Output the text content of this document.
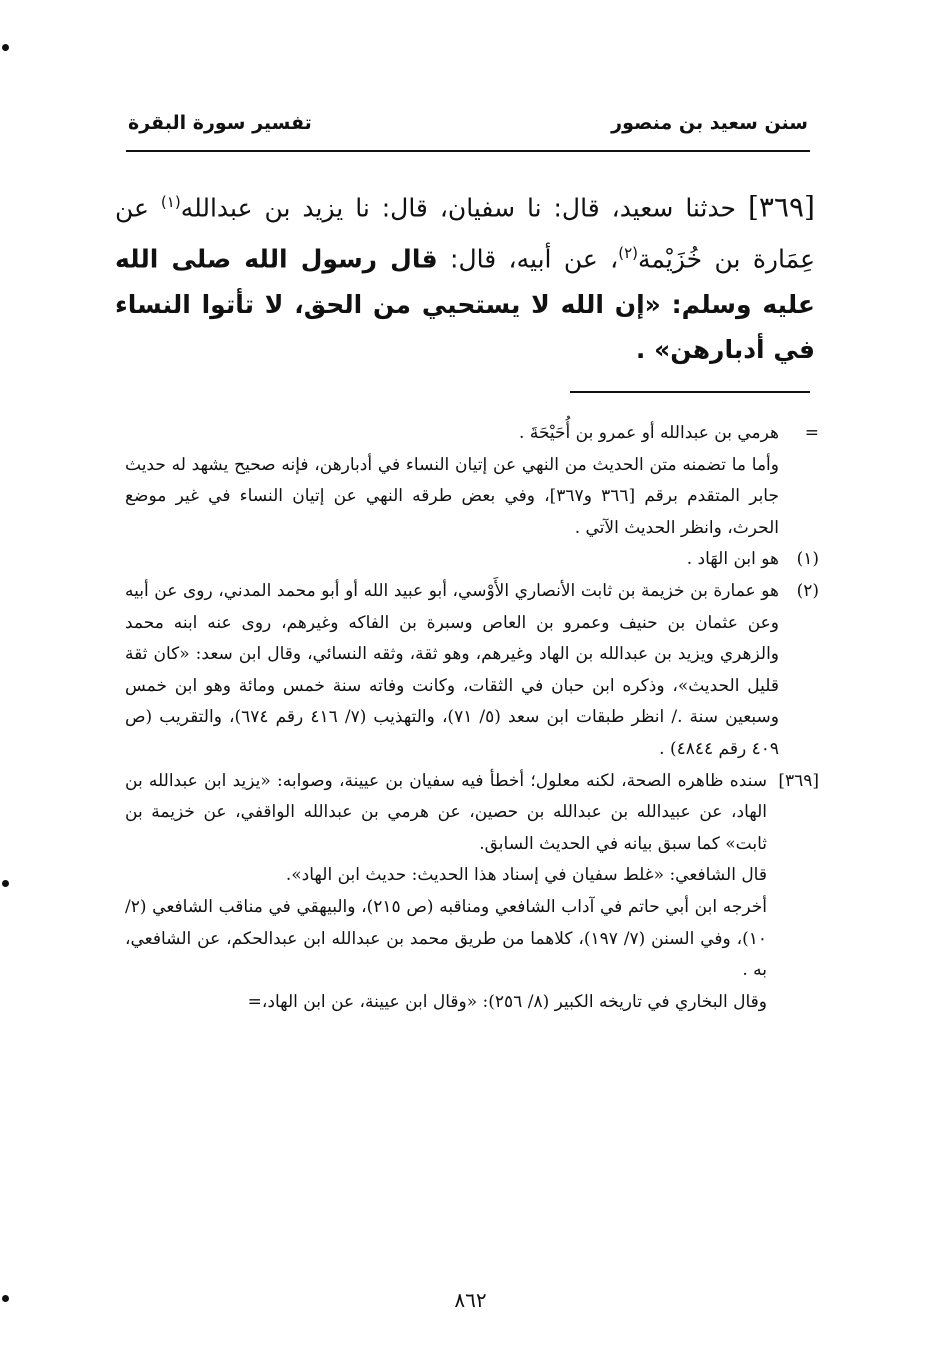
سنن سعيد بن منصور
تفسير سورة البقرة
[٣٦٩] حدثنا سعيد، قال: نا سفيان، قال: نا يزيد بن عبدالله$^{(١)}$ عن عِمَارة بن خُزَيْمة$^{(٢)}$، عن أبيه، قال: قال رسول الله صلى الله عليه وسلم: «إن الله لا يستحيي من الحق، لا تأتوا النساء في أدبارهن» .

=
هرمي بن عبدالله أو عمرو بن أُحَيْحَةَ .

وأما ما تضمنه متن الحديث من النهي عن إتيان النساء في أدبارهن، فإنه صحيح يشهد له حديث جابر المتقدم برقم [٣٦٦ و٣٦٧]، وفي بعض طرقه النهي عن إتيان النساء في غير موضع الحرث، وانظر الحديث الآتي .

(١)
هو ابن الهَاد .

(٢)
هو عمارة بن خزيمة بن ثابت الأنصاري الأَوْسي، أبو عبيد الله أو أبو محمد المدني، روى عن أبيه وعن عثمان بن حنيف وعمرو بن العاص وسبرة بن الفاكه وغيرهم، روى عنه ابنه محمد والزهري ويزيد بن عبدالله بن الهاد وغيرهم، وهو ثقة، وثقه النسائي، وقال ابن سعد: «كان ثقة قليل الحديث»، وذكره ابن حبان في الثقات، وكانت وفاته سنة خمس ومائة وهو ابن خمس وسبعين سنة ./ انظر طبقات ابن سعد (٥/ ٧١)، والتهذيب (٧/ ٤١٦ رقم ٦٧٤)، والتقريب (ص ٤٠٩ رقم ٤٨٤٤) .

[٣٦٩]
سنده ظاهره الصحة، لكنه معلول؛ أخطأ فيه سفيان بن عيينة، وصوابه: «يزيد ابن عبدالله بن الهاد، عن عبيدالله بن عبدالله بن حصين، عن هرمي بن عبدالله الواقفي، عن خزيمة بن ثابت» كما سبق بيانه في الحديث السابق.

قال الشافعي: «غلط سفيان في إسناد هذا الحديث: حديث ابن الهاد».

أخرجه ابن أبي حاتم في آداب الشافعي ومناقبه (ص ٢١٥)، والبيهقي في مناقب الشافعي (٢/ ١٠)، وفي السنن (٧/ ١٩٧)، كلاهما من طريق محمد بن عبدالله ابن عبدالحكم، عن الشافعي، به .

وقال البخاري في تاريخه الكبير (٨/ ٢٥٦): «وقال ابن عيينة، عن ابن الهاد،=

٨٦٢
